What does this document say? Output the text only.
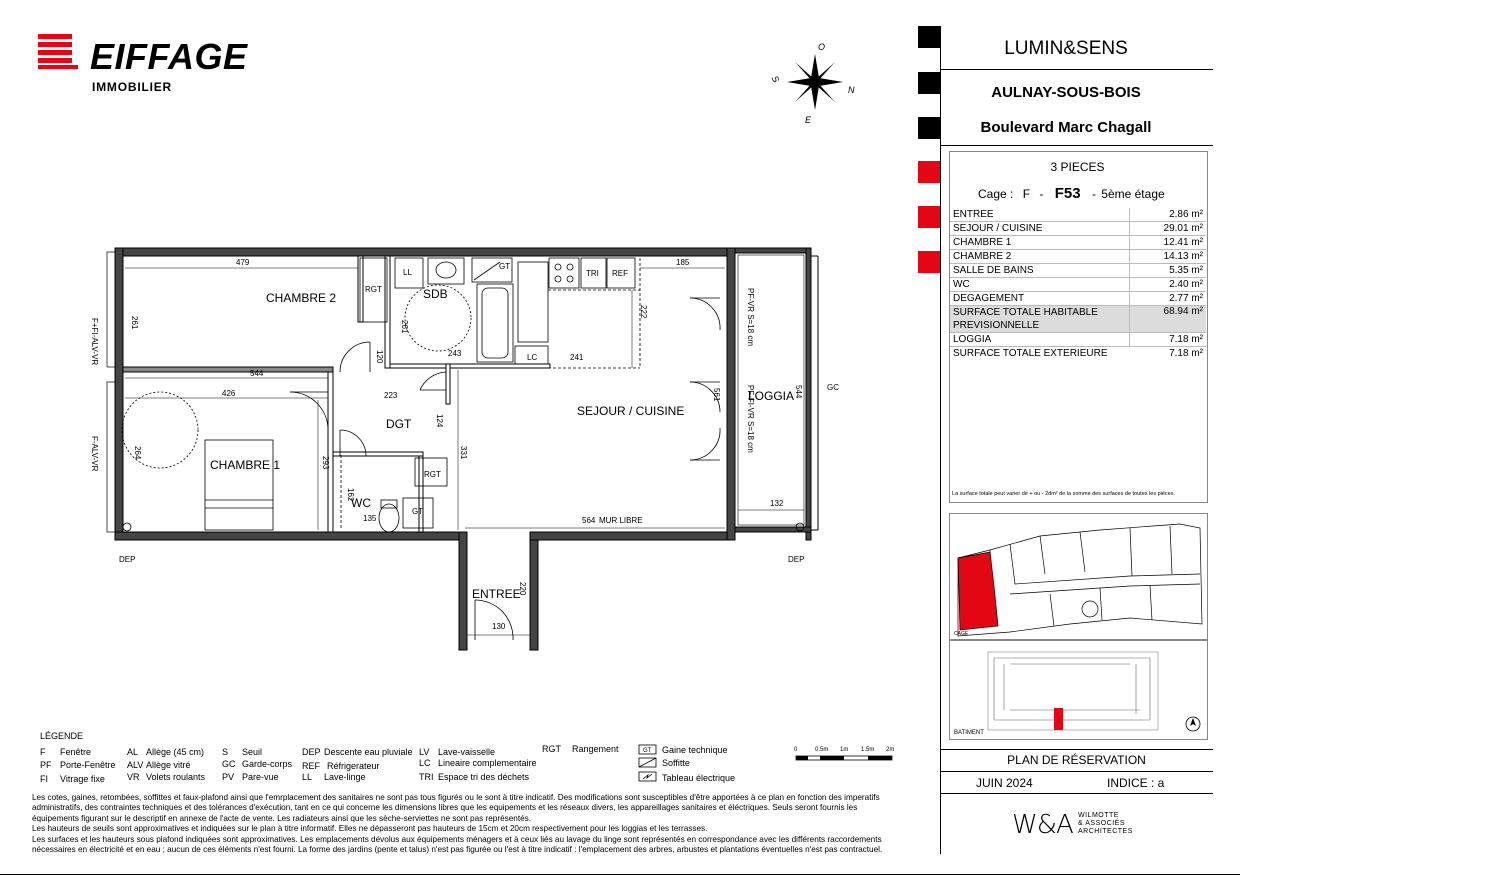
EIFFAGE
IMMOBILIER
S
O
N
E
479	185
222
261	261
544
544
426	223
120	243	241
124
561
331
293
264
162
135	564
132
220
130
CHAMBRE 2
CHAMBRE 1
SDB
DGT
WC
SEJOUR / CUISINE
LOGGIA
ENTREE
RGT
LL
GT
TRI REF
LC
RGT
GT
GC
DEP	DEP
MUR LIBRE
F+FI-ALV-VR
F-ALV-VR
PF-VR S=18 cm
PF-FI-VR S=18 cm
LÉGENDE
F Fenêtre
PF Porte-Fenêtre
FI Vitrage fixe
AL Allège (45 cm)
ALV Allège vitré
VR Volets roulants
S Seuil
GC Garde-corps
PV Pare-vue
DEP Descente eau pluviale
REF Réfrigerateur
LL Lave-linge
LV Lave-vaisselle
LC Lineaire complementaire
TRI Espace tri des déchets
RGT Rangement	Gaine technique
Soffitte
Tableau électrique
GT	0	0.5m 1m 1.5m 2m

Les cotes, gaines, retombées, soffittes et faux-plafond ainsi que l'emrplacement des sanitaires ne sont pas tous figurés ou le sont à titre indicatif. Des modifications sont susceptibles d'être apportées à ce plan en fonction des imperatifs

administratifs, des contraintes techniques et des tolérances d'exécution, tant en ce qui concerne les dimensions libres que les equipements et les réseaux divers, les appareillages sanitaires et éléctriques. Seuls seront fournis les

équipements figurant sur le descriptif en annexe de l'acte de vente. Les radiateurs ainsi que les sèche-serviettes ne sont pas représentés.

Les hauteurs de seuils sont approximatives et indiquées sur le plan à titre informatif. Elles ne dépasseront pas hauteurs de 15cm et 20cm respectivement pour les loggias et les terrasses.

Les surfaces et les hauteurs sous plafond indiquées sont approximatives. Les emplacements dévolus aux équipements ménagers et à ceux liés au lavage du linge sont représentés en correspondance avec les différents raccordements

nécessaires en électricité et en eau ; aucun de ces éléments n'est fourni. La forme des jardins (pente et talus) n'est pas figurée ou l'est à titre indicatif : l'emplacement des arbres, arbustes et plantations éventuelles n'est pas contractuel.

LUMIN&SENS
AULNAY-SOUS-BOIS
Boulevard Marc Chagall
3 PIECES
Cage : F - F53 - 5ème étage
ENTREE	2.86 m²
SEJOUR / CUISINE	29.01 m²
CHAMBRE 1	12.41 m²
CHAMBRE 2	14.13 m²
SALLE DE BAINS	5.35 m²
WC	2.40 m²
DEGAGEMENT	2.77 m²
SURFACE TOTALE HABITABLE
PREVISIONNELLE	68.94 m²
LOGGIA	7.18 m²
SURFACE TOTALE EXTERIEURE	7.18 m²
La surface totale peut varier de + ou - 2dm² de la somme des surfaces de toutes les pièces.
CAGE
BATIMENT
PLAN DE RÉSERVATION
JUIN 2024	INDICE : a
W&A WILMOTTE
& ASSOCIÉS
ARCHITECTES
